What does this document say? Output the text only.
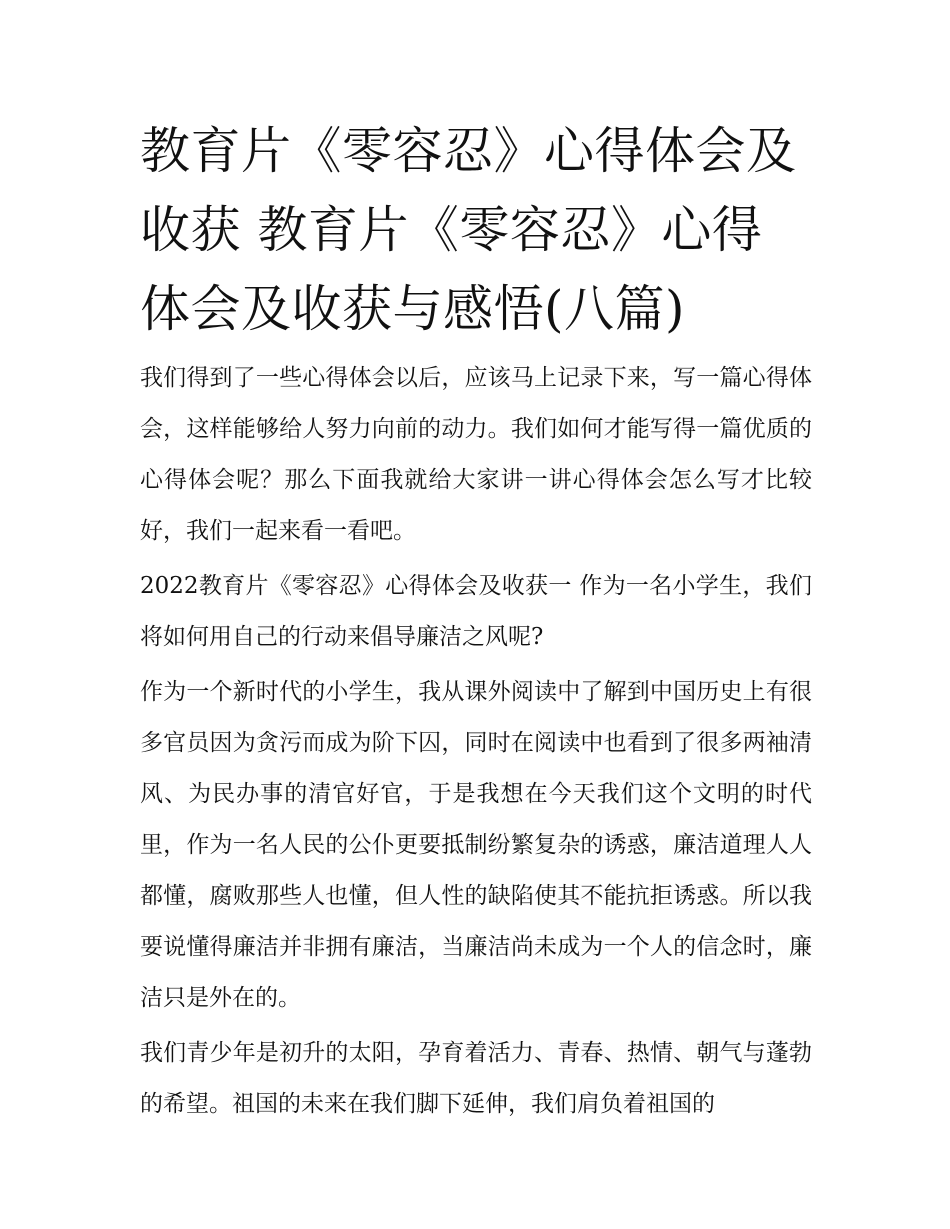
教育片《零容忍》心得体会及收获 教育片《零容忍》心得体会及收获与感悟(八篇)

我们得到了一些心得体会以后，应该马上记录下来，写一篇心得体会，这样能够给人努力向前的动力。我们如何才能写得一篇优质的心得体会呢？那么下面我就给大家讲一讲心得体会怎么写才比较好，我们一起来看一看吧。

2022教育片《零容忍》心得体会及收获一 作为一名小学生，我们将如何用自己的行动来倡导廉洁之风呢?

作为一个新时代的小学生，我从课外阅读中了解到中国历史上有很多官员因为贪污而成为阶下囚，同时在阅读中也看到了很多两袖清风、为民办事的清官好官，于是我想在今天我们这个文明的时代里，作为一名人民的公仆更要抵制纷繁复杂的诱惑，廉洁道理人人都懂，腐败那些人也懂，但人性的缺陷使其不能抗拒诱惑。所以我要说懂得廉洁并非拥有廉洁，当廉洁尚未成为一个人的信念时，廉洁只是外在的。

我们青少年是初升的太阳，孕育着活力、青春、热情、朝气与蓬勃的希望。祖国的未来在我们脚下延伸，我们肩负着祖国的
